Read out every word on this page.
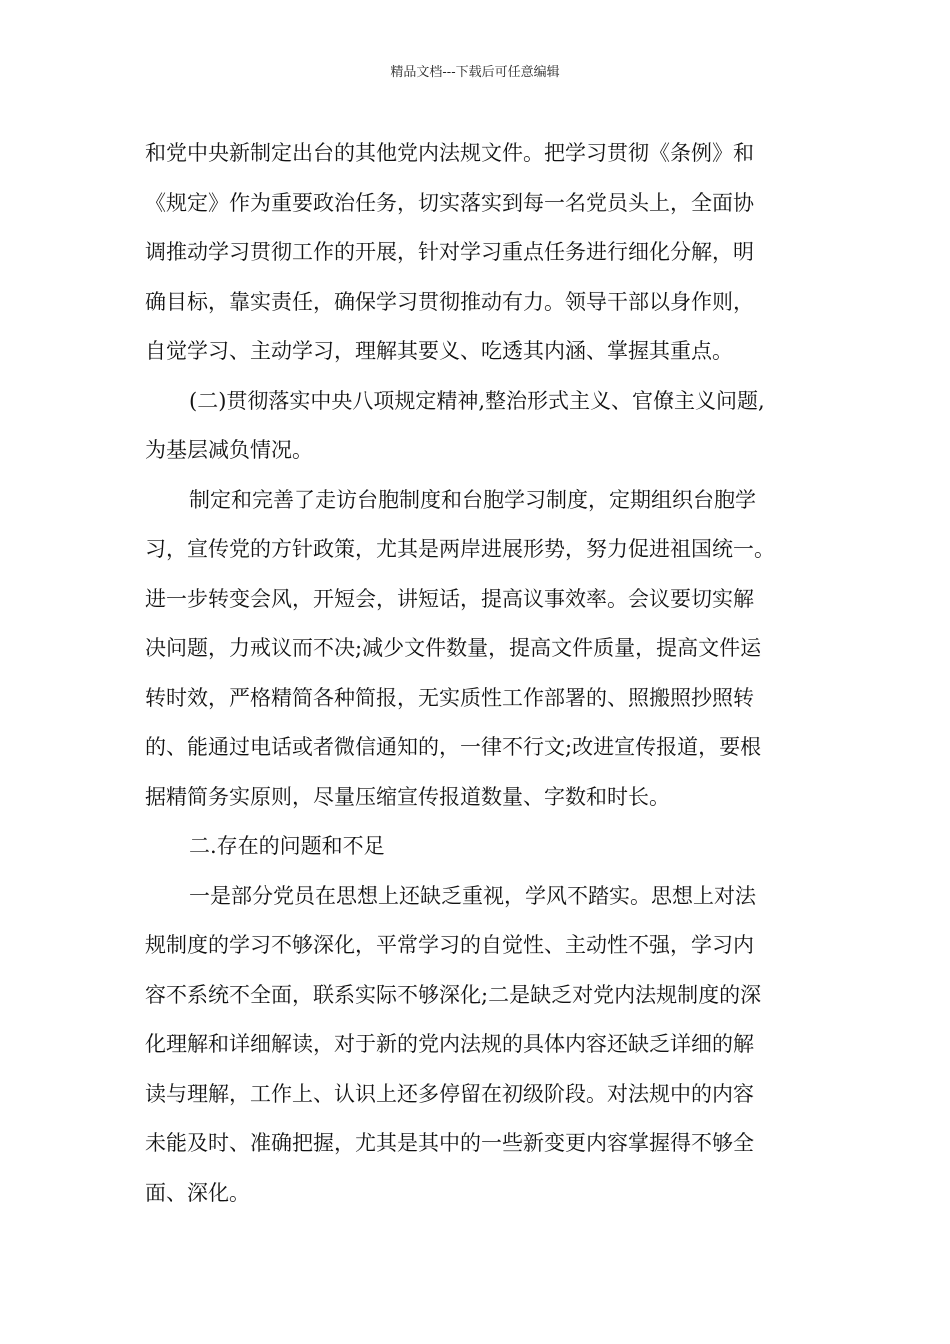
精品文档---下载后可任意编辑
和党中央新制定出台的其他党内法规文件。把学习贯彻《条例》和
《规定》作为重要政治任务，切实落实到每一名党员头上，全面协
调推动学习贯彻工作的开展，针对学习重点任务进行细化分解，明
确目标，靠实责任，确保学习贯彻推动有力。领导干部以身作则，
自觉学习、主动学习，理解其要义、吃透其内涵、掌握其重点。
(二)贯彻落实中央八项规定精神,整治形式主义、官僚主义问题,
为基层减负情况。
制定和完善了走访台胞制度和台胞学习制度，定期组织台胞学
习，宣传党的方针政策，尤其是两岸进展形势，努力促进祖国统一。
进一步转变会风，开短会，讲短话，提高议事效率。会议要切实解
决问题，力戒议而不决;减少文件数量，提高文件质量，提高文件运
转时效，严格精简各种简报，无实质性工作部署的、照搬照抄照转
的、能通过电话或者微信通知的，一律不行文;改进宣传报道，要根
据精简务实原则，尽量压缩宣传报道数量、字数和时长。
二.存在的问题和不足
一是部分党员在思想上还缺乏重视，学风不踏实。思想上对法
规制度的学习不够深化，平常学习的自觉性、主动性不强，学习内
容不系统不全面，联系实际不够深化;二是缺乏对党内法规制度的深
化理解和详细解读，对于新的党内法规的具体内容还缺乏详细的解
读与理解，工作上、认识上还多停留在初级阶段。对法规中的内容
未能及时、准确把握，尤其是其中的一些新变更内容掌握得不够全
面、深化。
